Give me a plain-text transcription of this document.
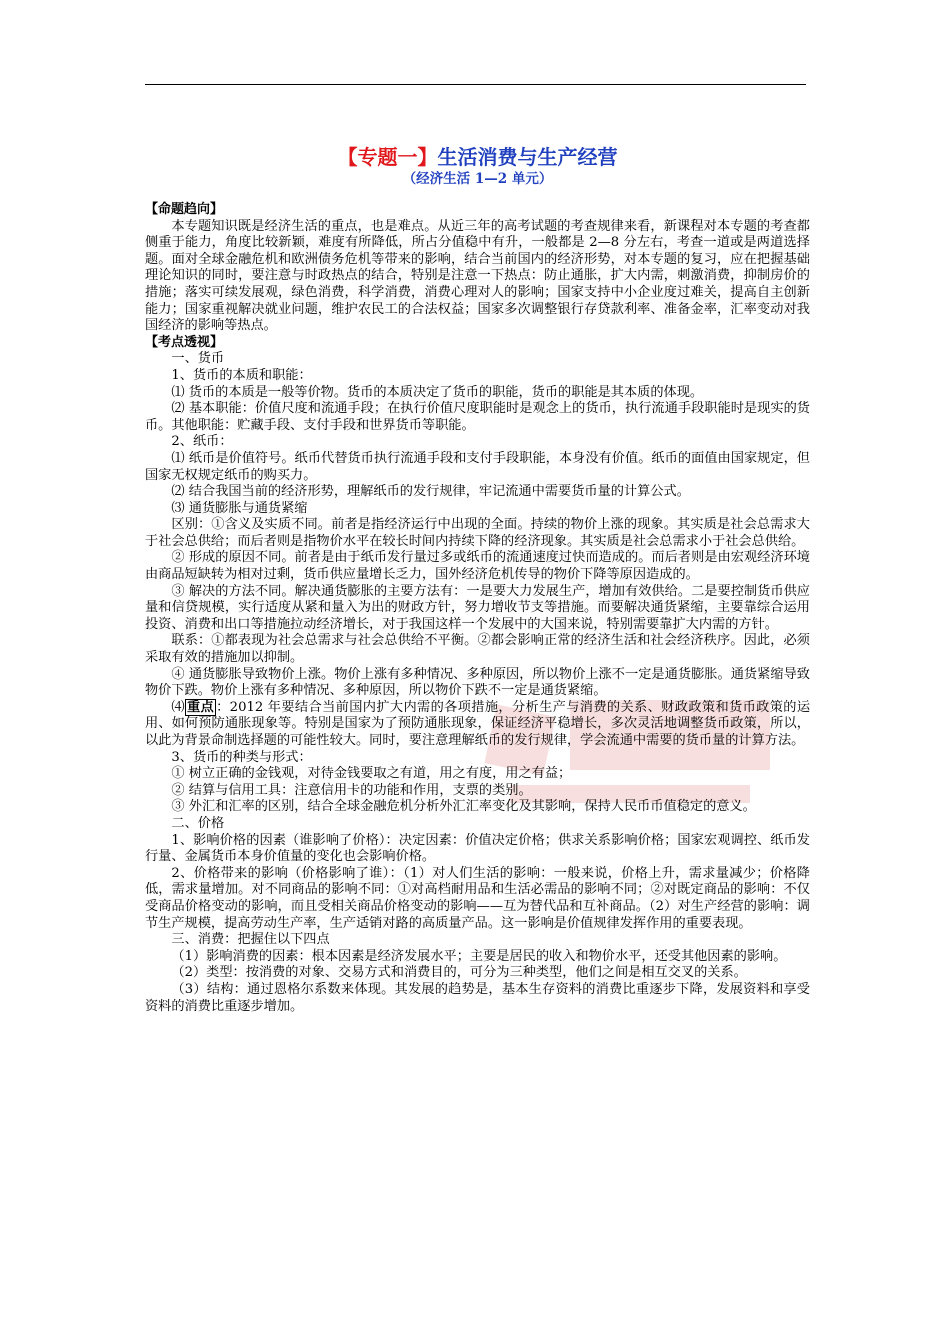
【专题一】生活消费与生产经营
（经济生活 1—2 单元）
【命题趋向】

本专题知识既是经济生活的重点，也是难点。从近三年的高考试题的考查规律来看，新课程对本专题的考查都侧重于能力，角度比较新颖，难度有所降低，所占分值稳中有升，一般都是 2—8 分左右，考查一道或是两道选择题。面对全球金融危机和欧洲债务危机等带来的影响，结合当前国内的经济形势，对本专题的复习，应在把握基础理论知识的同时，要注意与时政热点的结合，特别是注意一下热点：防止通胀，扩大内需，刺激消费，抑制房价的措施；落实可续发展观，绿色消费，科学消费，消费心理对人的影响；国家支持中小企业度过难关，提高自主创新能力；国家重视解决就业问题，维护农民工的合法权益；国家多次调整银行存贷款利率、准备金率，汇率变动对我国经济的影响等热点。

【考点透视】

一、货币

1、货币的本质和职能：

⑴ 货币的本质是一般等价物。货币的本质决定了货币的职能，货币的职能是其本质的体现。

⑵ 基本职能：价值尺度和流通手段；在执行价值尺度职能时是观念上的货币，执行流通手段职能时是现实的货币。其他职能：贮藏手段、支付手段和世界货币等职能。

2、纸币：

⑴ 纸币是价值符号。纸币代替货币执行流通手段和支付手段职能，本身没有价值。纸币的面值由国家规定，但国家无权规定纸币的购买力。

⑵ 结合我国当前的经济形势，理解纸币的发行规律，牢记流通中需要货币量的计算公式。

⑶ 通货膨胀与通货紧缩

区别：①含义及实质不同。前者是指经济运行中出现的全面。持续的物价上涨的现象。其实质是社会总需求大于社会总供给；而后者则是指物价水平在较长时间内持续下降的经济现象。其实质是社会总需求小于社会总供给。

② 形成的原因不同。前者是由于纸币发行量过多或纸币的流通速度过快而造成的。而后者则是由宏观经济环境由商品短缺转为相对过剩，货币供应量增长乏力，国外经济危机传导的物价下降等原因造成的。

③ 解决的方法不同。解决通货膨胀的主要方法有：一是要大力发展生产，增加有效供给。二是要控制货币供应量和信贷规模，实行适度从紧和量入为出的财政方针，努力增收节支等措施。而要解决通货紧缩，主要靠综合运用投资、消费和出口等措施拉动经济增长，对于我国这样一个发展中的大国来说，特别需要靠扩大内需的方针。

联系：①都表现为社会总需求与社会总供给不平衡。②都会影响正常的经济生活和社会经济秩序。因此，必须采取有效的措施加以抑制。

④ 通货膨胀导致物价上涨。物价上涨有多种情况、多种原因，所以物价上涨不一定是通货膨胀。通货紧缩导致物价下跌。物价上涨有多种情况、多种原因，所以物价下跌不一定是通货紧缩。

⑷ 重点 ：2012 年要结合当前国内扩大内需的各项措施，分析生产与消费的关系、财政政策和货币政策的运用、如何预防通胀现象等。特别是国家为了预防通胀现象，保证经济平稳增长，多次灵活地调整货币政策，所以，以此为背景命制选择题的可能性较大。同时，要注意理解纸币的发行规律，学会流通中需要的货币量的计算方法。

3、货币的种类与形式：

① 树立正确的金钱观，对待金钱要取之有道，用之有度，用之有益；

② 结算与信用工具：注意信用卡的功能和作用，支票的类别。

③ 外汇和汇率的区别，结合全球金融危机分析外汇汇率变化及其影响，保持人民币币值稳定的意义。

二、价格

1、影响价格的因素（谁影响了价格）：决定因素：价值决定价格；供求关系影响价格；国家宏观调控、纸币发行量、金属货币本身价值量的变化也会影响价格。

2、价格带来的影响（价格影响了谁）：（1）对人们生活的影响：一般来说，价格上升，需求量减少；价格降低，需求量增加。对不同商品的影响不同：①对高档耐用品和生活必需品的影响不同；②对既定商品的影响：不仅受商品价格变动的影响，而且受相关商品价格变动的影响——互为替代品和互补商品。（2）对生产经营的影响：调节生产规模，提高劳动生产率，生产适销对路的高质量产品。这一影响是价值规律发挥作用的重要表现。

三、消费：把握住以下四点

（1）影响消费的因素：根本因素是经济发展水平；主要是居民的收入和物价水平，还受其他因素的影响。

（2）类型：按消费的对象、交易方式和消费目的，可分为三种类型，他们之间是相互交叉的关系。

（3）结构：通过恩格尔系数来体现。其发展的趋势是，基本生存资料的消费比重逐步下降，发展资料和享受资料的消费比重逐步增加。
